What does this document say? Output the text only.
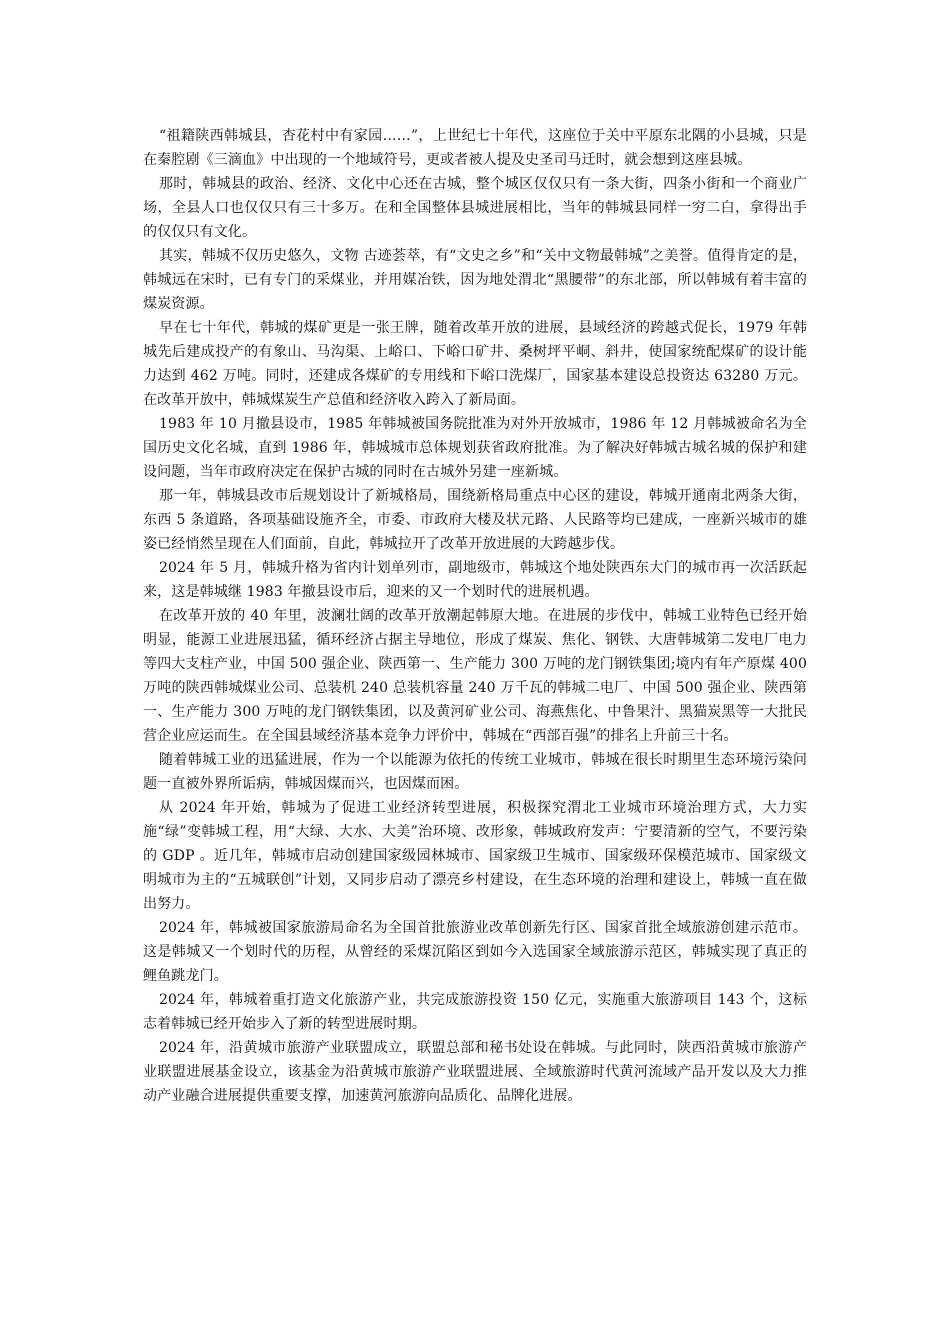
“祖籍陕西韩城县，杏花村中有家园……”，上世纪七十年代，这座位于关中平原东北隅的小县城，只是在秦腔剧《三滴血》中出现的一个地域符号，更或者被人提及史圣司马迁时，就会想到这座县城。

那时，韩城县的政治、经济、文化中心还在古城，整个城区仅仅只有一条大街，四条小街和一个商业广场，全县人口也仅仅只有三十多万。在和全国整体县城进展相比，当年的韩城县同样一穷二白，拿得出手的仅仅只有文化。

其实，韩城不仅历史悠久，文物 古迹荟萃，有“文史之乡”和“关中文物最韩城”之美誉。值得肯定的是，韩城远在宋时，已有专门的采煤业，并用媒冶铁，因为地处渭北“黑腰带”的东北部，所以韩城有着丰富的煤炭资源。

早在七十年代，韩城的煤矿更是一张王牌，随着改革开放的进展，县域经济的跨越式促长，1979 年韩城先后建成投产的有象山、马沟渠、上峪口、下峪口矿井、桑树坪平峒、斜井，使国家统配煤矿的设计能力达到 462 万吨。同时，还建成各煤矿的专用线和下峪口洗煤厂，国家基本建设总投资达 63280 万元。在改革开放中，韩城煤炭生产总值和经济收入跨入了新局面。

1983 年 10 月撤县设市，1985 年韩城被国务院批准为对外开放城市，1986 年 12 月韩城被命名为全国历史文化名城，直到 1986 年，韩城城市总体规划获省政府批准。为了解决好韩城古城名城的保护和建设问题，当年市政府决定在保护古城的同时在古城外另建一座新城。

那一年，韩城县改市后规划设计了新城格局，围绕新格局重点中心区的建设，韩城开通南北两条大街，东西 5 条道路，各项基础设施齐全，市委、市政府大楼及状元路、人民路等均已建成，一座新兴城市的雄姿已经悄然呈现在人们面前，自此，韩城拉开了改革开放进展的大跨越步伐。

2024 年 5 月，韩城升格为省内计划单列市，副地级市，韩城这个地处陕西东大门的城市再一次活跃起来，这是韩城继 1983 年撤县设市后，迎来的又一个划时代的进展机遇。

在改革开放的 40 年里，波澜壮阔的改革开放潮起韩原大地。在进展的步伐中，韩城工业特色已经开始明显，能源工业进展迅猛，循环经济占据主导地位，形成了煤炭、焦化、钢铁、大唐韩城第二发电厂电力等四大支柱产业，中国 500 强企业、陕西第一、生产能力 300 万吨的龙门钢铁集团;境内有年产原煤 400 万吨的陕西韩城煤业公司、总装机 240 总装机容量 240 万千瓦的韩城二电厂、中国 500 强企业、陕西第一、生产能力 300 万吨的龙门钢铁集团，以及黄河矿业公司、海燕焦化、中鲁果汁、黑猫炭黑等一大批民营企业应运而生。在全国县域经济基本竞争力评价中，韩城在“西部百强”的排名上升前三十名。

随着韩城工业的迅猛进展，作为一个以能源为依托的传统工业城市，韩城在很长时期里生态环境污染问题一直被外界所诟病，韩城因煤而兴，也因煤而困。

从 2024 年开始，韩城为了促进工业经济转型进展，积极探究渭北工业城市环境治理方式，大力实施“绿”变韩城工程，用“大绿、大水、大美”治环境、改形象，韩城政府发声：宁要清新的空气，不要污染的 GDP 。近几年，韩城市启动创建国家级园林城市、国家级卫生城市、国家级环保模范城市、国家级文明城市为主的“五城联创”计划，又同步启动了漂亮乡村建设，在生态环境的治理和建设上，韩城一直在做出努力。

2024 年，韩城被国家旅游局命名为全国首批旅游业改革创新先行区、国家首批全域旅游创建示范市。这是韩城又一个划时代的历程，从曾经的采煤沉陷区到如今入选国家全域旅游示范区，韩城实现了真正的鲤鱼跳龙门。

2024 年，韩城着重打造文化旅游产业，共完成旅游投资 150 亿元，实施重大旅游项目 143 个，这标志着韩城已经开始步入了新的转型进展时期。

2024 年，沿黄城市旅游产业联盟成立，联盟总部和秘书处设在韩城。与此同时，陕西沿黄城市旅游产业联盟进展基金设立，该基金为沿黄城市旅游产业联盟进展、全域旅游时代黄河流域产品开发以及大力推动产业融合进展提供重要支撑，加速黄河旅游向品质化、品牌化进展。
